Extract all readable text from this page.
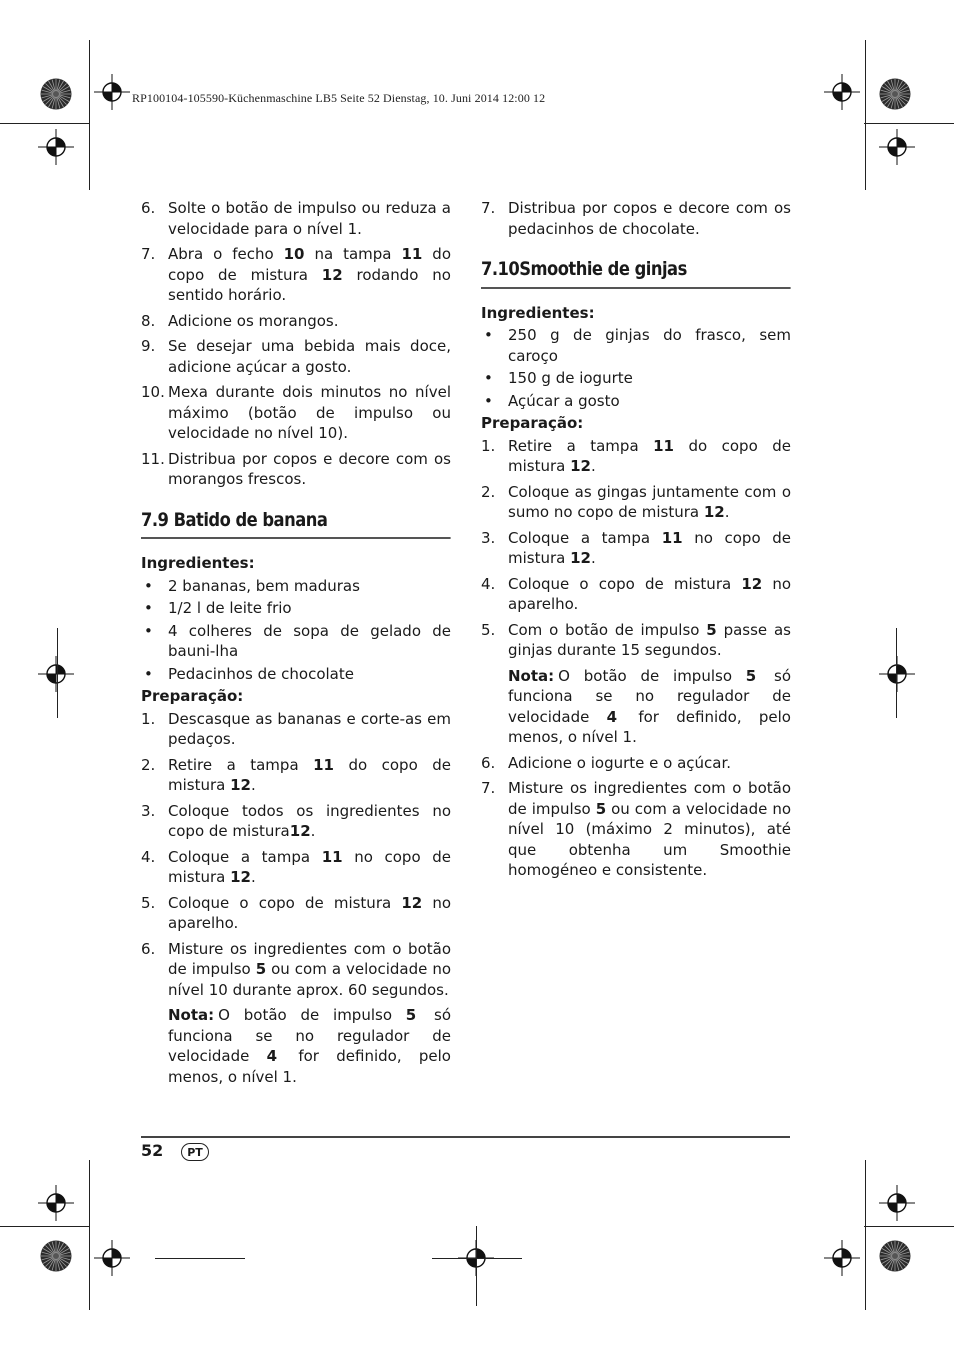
RP100104-105590-Küchenmaschine LB5 Seite 52 Dienstag, 10. Juni 2014 12:00 12
6. Solte o botão de impulso ou reduza a velocidade para o nível 1.
7. Abra o fecho 10 na tampa 11 do copo de mistura 12 rodando no sentido horário.
8. Adicione os morangos.
9. Se desejar uma bebida mais doce, adicione açúcar a gosto.
10. Mexa durante dois minutos no nível máximo (botão de impulso ou velocidade no nível 10).
11. Distribua por copos e decore com os morangos frescos.
7.9 Batido de banana
Ingredientes:
• 2 bananas, bem maduras
• 1/2 l de leite frio
• 4 colheres de sopa de gelado de bauni-lha
• Pedacinhos de chocolate
Preparação:
1. Descasque as bananas e corte-as em pedaços.
2. Retire a tampa 11 do copo de mistura 12.
3. Coloque todos os ingredientes no copo de mistura12.
4. Coloque a tampa 11 no copo de mistura 12.
5. Coloque o copo de mistura 12 no aparelho.
6. Misture os ingredientes com o botão de impulso 5 ou com a velocidade no nível 10 durante aprox. 60 segundos.
Nota: O botão de impulso 5 só funciona se no regulador de velocidade 4 for definido, pelo menos, o nível 1.
7. Distribua por copos e decore com os pedacinhos de chocolate.
7.10Smoothie de ginjas
Ingredientes:
• 250 g de ginjas do frasco, sem caroço
• 150 g de iogurte
• Açúcar a gosto
Preparação:
1. Retire a tampa 11 do copo de mistura 12.
2. Coloque as gingas juntamente com o sumo no copo de mistura 12.
3. Coloque a tampa 11 no copo de mistura 12.
4. Coloque o copo de mistura 12 no aparelho.
5. Com o botão de impulso 5 passe as ginjas durante 15 segundos.
Nota: O botão de impulso 5 só funciona se no regulador de velocidade 4 for definido, pelo menos, o nível 1.
6. Adicione o iogurte e o açúcar.
7. Misture os ingredientes com o botão de impulso 5 ou com a velocidade no nível 10 (máximo 2 minutos), até que obtenha um Smoothie homogéneo e consistente.
52	PT
